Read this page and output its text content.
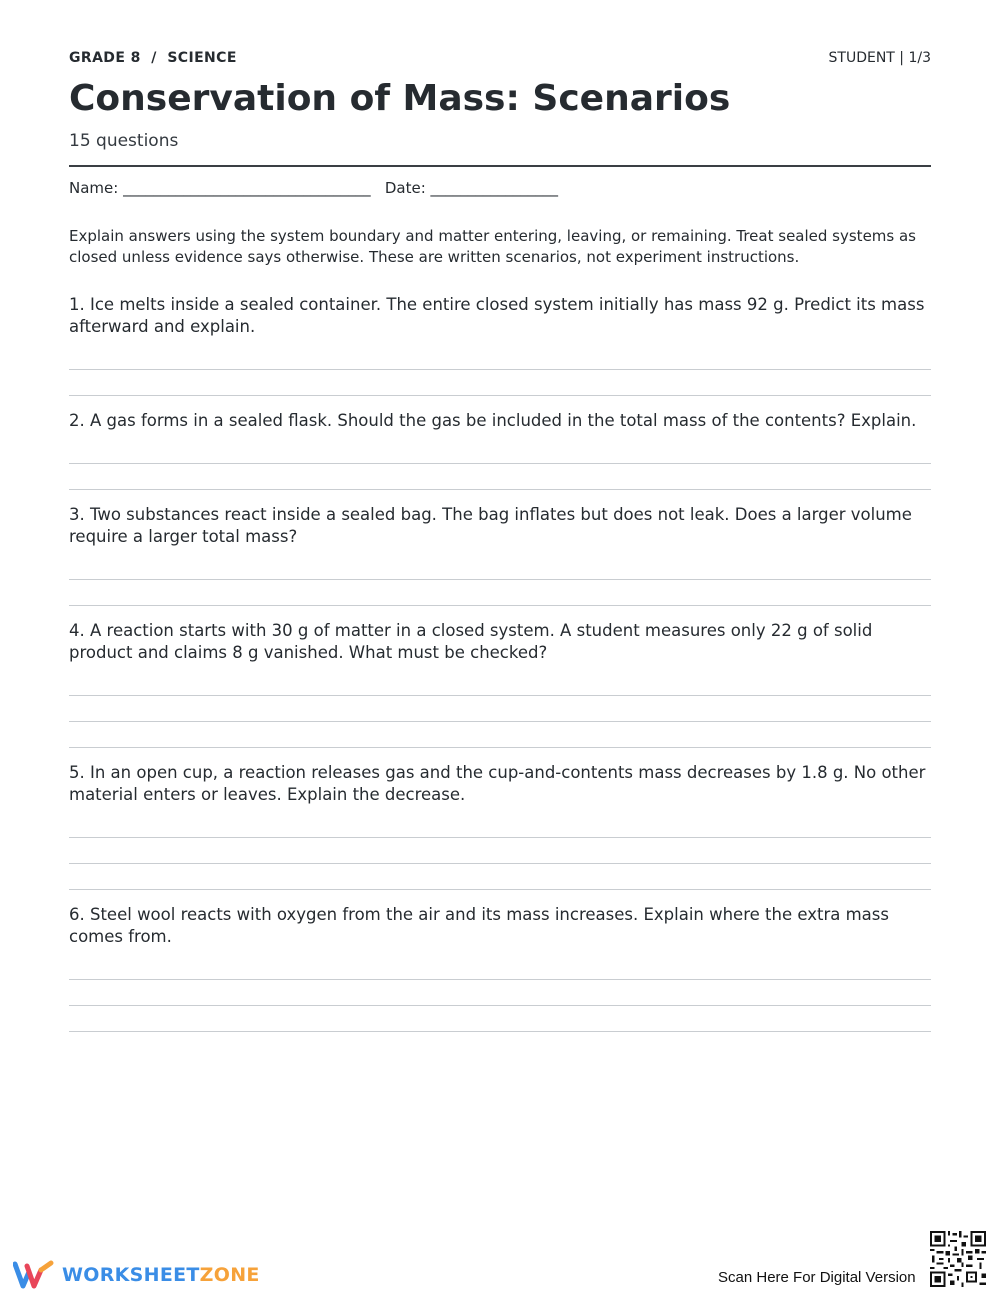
GRADE 8  /  SCIENCE	STUDENT | 1/3
Conservation of Mass: Scenarios
15 questions
Name: _________________________________   Date: _________________
Explain answers using the system boundary and matter entering, leaving, or remaining. Treat sealed systems as closed unless evidence says otherwise. These are written scenarios, not experiment instructions.
1. Ice melts inside a sealed container. The entire closed system initially has mass 92 g. Predict its mass afterward and explain.
2. A gas forms in a sealed flask. Should the gas be included in the total mass of the contents? Explain.
3. Two substances react inside a sealed bag. The bag inflates but does not leak. Does a larger volume require a larger total mass?
4. A reaction starts with 30 g of matter in a closed system. A student measures only 22 g of solid product and claims 8 g vanished. What must be checked?
5. In an open cup, a reaction releases gas and the cup-and-contents mass decreases by 1.8 g. No other material enters or leaves. Explain the decrease.
6. Steel wool reacts with oxygen from the air and its mass increases. Explain where the extra mass comes from.
WORKSHEETZONE	Scan Here For Digital Version
